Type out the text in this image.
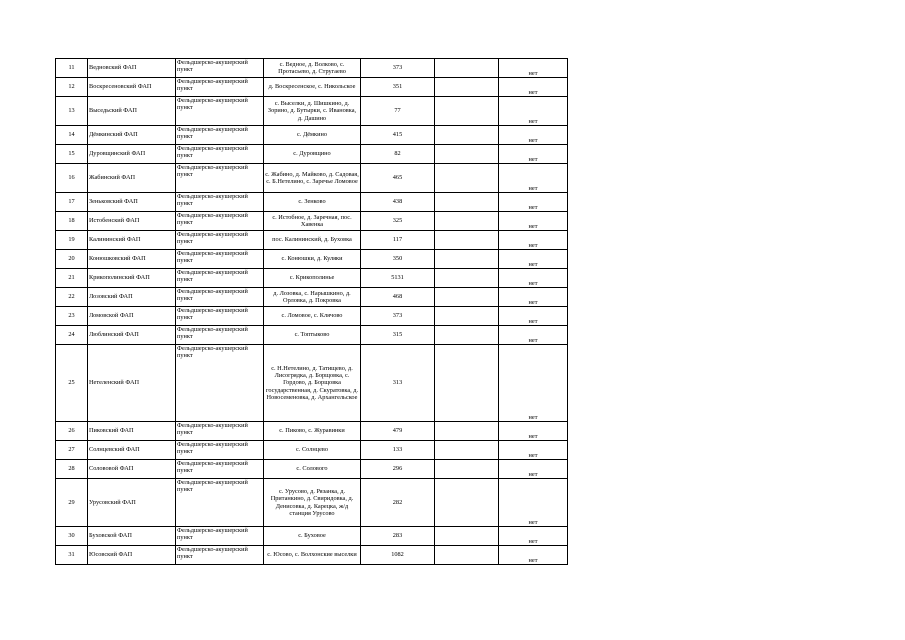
11	Ведновский ФАП	Фельдшерско-акушерский пункт	с. Ведное, д. Волково, с. Протасьево, д. Стругаево	373		нет
12	Воскресеновский ФАП	Фельдшерско-акушерский пункт	д. Воскресенское, с. Никольское	351		нет
13	Выседьский ФАП	Фельдшерско-акушерский пункт	с. Выселки, д. Шишкино, д. Зорино, д. Бутырки, с. Ивановка, д. Дашино	77		нет
14	Дёмкинский ФАП	Фельдшерско-акушерский пункт	с. Дёмкино	415		нет
15	Дуровщинский ФАП	Фельдшерско-акушерский пункт	с. Дуровщино	82		нет
16	Жабинский ФАП	Фельдшерско-акушерский пункт	с. Жабино, д. Майково, д. Садовая, с. Б.Нетелино, с. Заречье Ломовое	465		нет
17	Зеньковский ФАП	Фельдшерско-акушерский пункт	с. Зенково	438		нет
18	Истобенский ФАП	Фельдшерско-акушерский пункт	с. Истобное, д. Заречная, пос. Хавенка	325		нет
19	Калининский ФАП	Фельдшерско-акушерский пункт	пос. Калининский, д. Буховка	117		нет
20	Конюшковский ФАП	Фельдшерско-акушерский пункт	с. Конюшки, д. Куляки	350		нет
21	Крикополинский ФАП	Фельдшерско-акушерский пункт	с. Крикополинье	5131		нет
22	Лозовский ФАП	Фельдшерско-акушерский пункт	д. Лозовка, с. Нарышкино, д. Орловка, д. Покровка	468		нет
23	Ломовской ФАП	Фельдшерско-акушерский пункт	с. Ломовое, с. Клячово	373		нет
24	Люблинский ФАП	Фельдшерско-акушерский пункт	с. Топтыково	315		нет
25	Нетеленский ФАП	Фельдшерско-акушерский пункт	с. Н.Нетелино, д. Татищево, д. Лисогрядка, д. Борщовка, с. Гордово, д. Борщовка государственная, д. Скуратовка, д. Новосеменовка, д. Архангельское	313		нет
26	Пиковский ФАП	Фельдшерско-акушерский пункт	с. Пиково, с. Журавинки	479		нет
27	Солнцевский ФАП	Фельдшерско-акушерский пункт	с. Солнцево	133		нет
28	Солововой ФАП	Фельдшерско-акушерский пункт	с. Солового	296		нет
29	Урусовский ФАП	Фельдшерско-акушерский пункт	с. Урусово, д. Рязанка, д. Пританкино, д. Свиридовка, д. Денисовка, д. Карецка, ж/д станция Урусово	282		нет
30	Буховской ФАП	Фельдшерско-акушерский пункт	с. Буховое	283		нет
31	Юсовский ФАП	Фельдшерско-акушерский пункт	с. Юсово, с. Волхонские выселки	1082		нет
